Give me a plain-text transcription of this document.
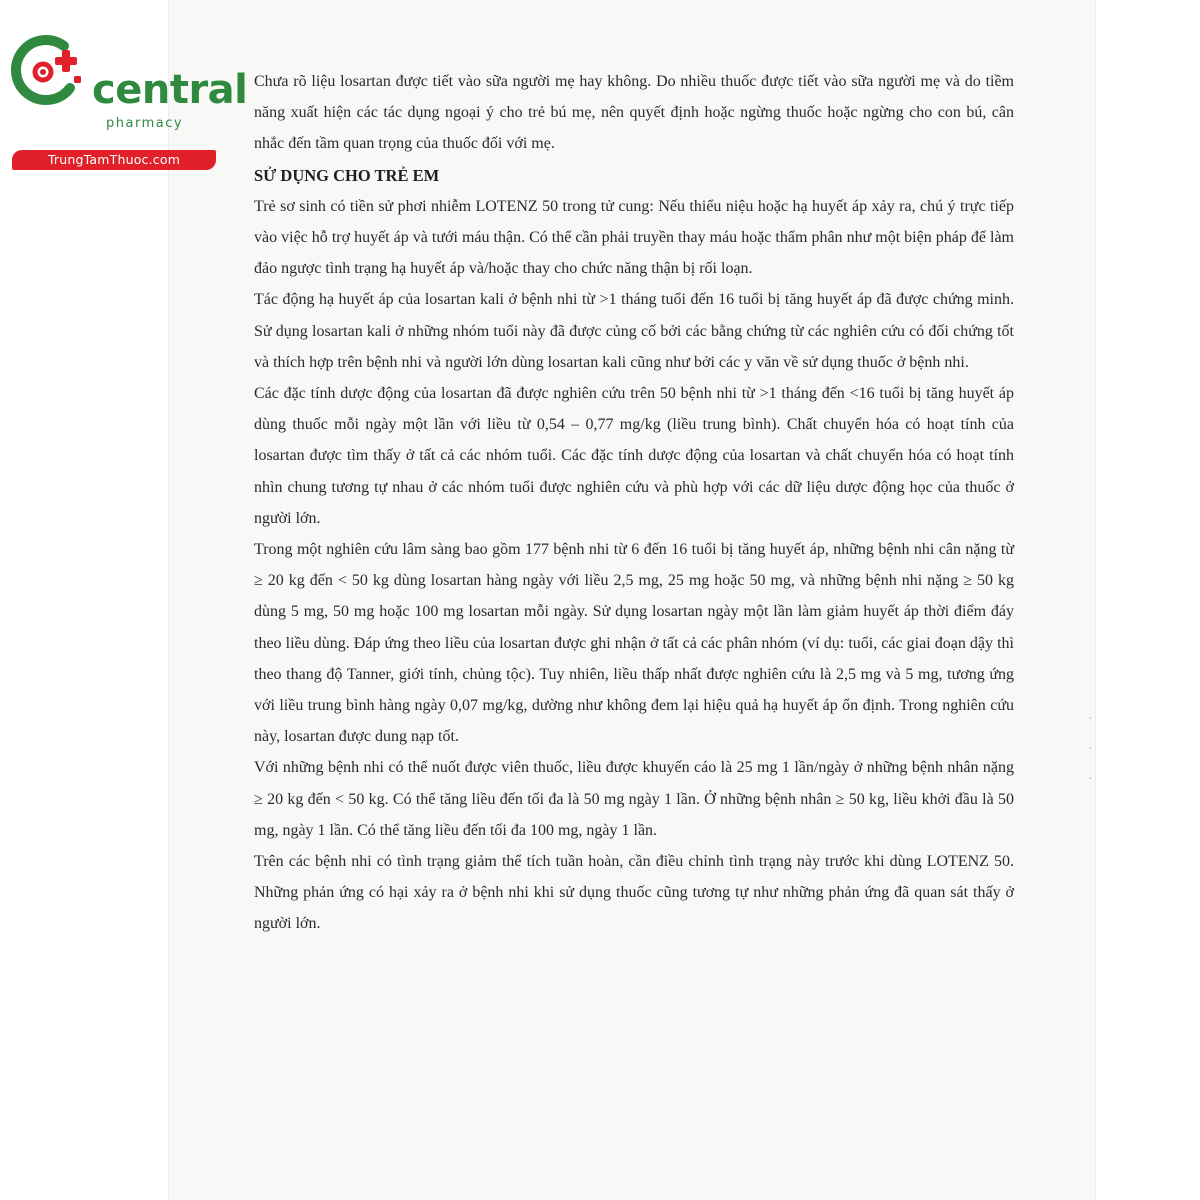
central
pharmacy
TrungTamThuoc.com

Chưa rõ liệu losartan được tiết vào sữa người mẹ hay không. Do nhiều thuốc được tiết vào sữa người mẹ và do tiềm năng xuất hiện các tác dụng ngoại ý cho trẻ bú mẹ, nên quyết định hoặc ngừng thuốc hoặc ngừng cho con bú, cân nhắc đến tầm quan trọng của thuốc đối với mẹ.

SỬ DỤNG CHO TRẺ EM

Trẻ sơ sinh có tiền sử phơi nhiễm LOTENZ 50 trong tử cung: Nếu thiểu niệu hoặc hạ huyết áp xảy ra, chú ý trực tiếp vào việc hỗ trợ huyết áp và tưới máu thận. Có thể cần phải truyền thay máu hoặc thẩm phân như một biện pháp để làm đảo ngược tình trạng hạ huyết áp và/hoặc thay cho chức năng thận bị rối loạn.

Tác động hạ huyết áp của losartan kali ở bệnh nhi từ >1 tháng tuổi đến 16 tuổi bị tăng huyết áp đã được chứng minh. Sử dụng losartan kali ở những nhóm tuổi này đã được củng cố bởi các bằng chứng từ các nghiên cứu có đối chứng tốt và thích hợp trên bệnh nhi và người lớn dùng losartan kali cũng như bởi các y văn về sử dụng thuốc ở bệnh nhi.

Các đặc tính dược động của losartan đã được nghiên cứu trên 50 bệnh nhi từ >1 tháng đến <16 tuổi bị tăng huyết áp dùng thuốc mỗi ngày một lần với liều từ 0,54 – 0,77 mg/kg (liều trung bình). Chất chuyển hóa có hoạt tính của losartan được tìm thấy ở tất cả các nhóm tuổi. Các đặc tính dược động của losartan và chất chuyển hóa có hoạt tính nhìn chung tương tự nhau ở các nhóm tuổi được nghiên cứu và phù hợp với các dữ liệu dược động học của thuốc ở người lớn.

Trong một nghiên cứu lâm sàng bao gồm 177 bệnh nhi từ 6 đến 16 tuổi bị tăng huyết áp, những bệnh nhi cân nặng từ ≥ 20 kg đến < 50 kg dùng losartan hàng ngày với liều 2,5 mg, 25 mg hoặc 50 mg, và những bệnh nhi nặng ≥ 50 kg dùng 5 mg, 50 mg hoặc 100 mg losartan mỗi ngày. Sử dụng losartan ngày một lần làm giảm huyết áp thời điểm đáy theo liều dùng. Đáp ứng theo liều của losartan được ghi nhận ở tất cả các phân nhóm (ví dụ: tuổi, các giai đoạn dậy thì theo thang độ Tanner, giới tính, chủng tộc). Tuy nhiên, liều thấp nhất được nghiên cứu là 2,5 mg và 5 mg, tương ứng với liều trung bình hàng ngày 0,07 mg/kg, dường như không đem lại hiệu quả hạ huyết áp ổn định. Trong nghiên cứu này, losartan được dung nạp tốt.

Với những bệnh nhi có thể nuốt được viên thuốc, liều được khuyến cáo là 25 mg 1 lần/ngày ở những bệnh nhân nặng ≥ 20 kg đến < 50 kg. Có thể tăng liều đến tối đa là 50 mg ngày 1 lần. Ở những bệnh nhân ≥ 50 kg, liều khởi đầu là 50 mg, ngày 1 lần. Có thể tăng liều đến tối đa 100 mg, ngày 1 lần.

Trên các bệnh nhi có tình trạng giảm thể tích tuần hoàn, cần điều chỉnh tình trạng này trước khi dùng LOTENZ 50. Những phản ứng có hại xảy ra ở bệnh nhi khi sử dụng thuốc cũng tương tự như những phản ứng đã quan sát thấy ở người lớn.

·
·
·
